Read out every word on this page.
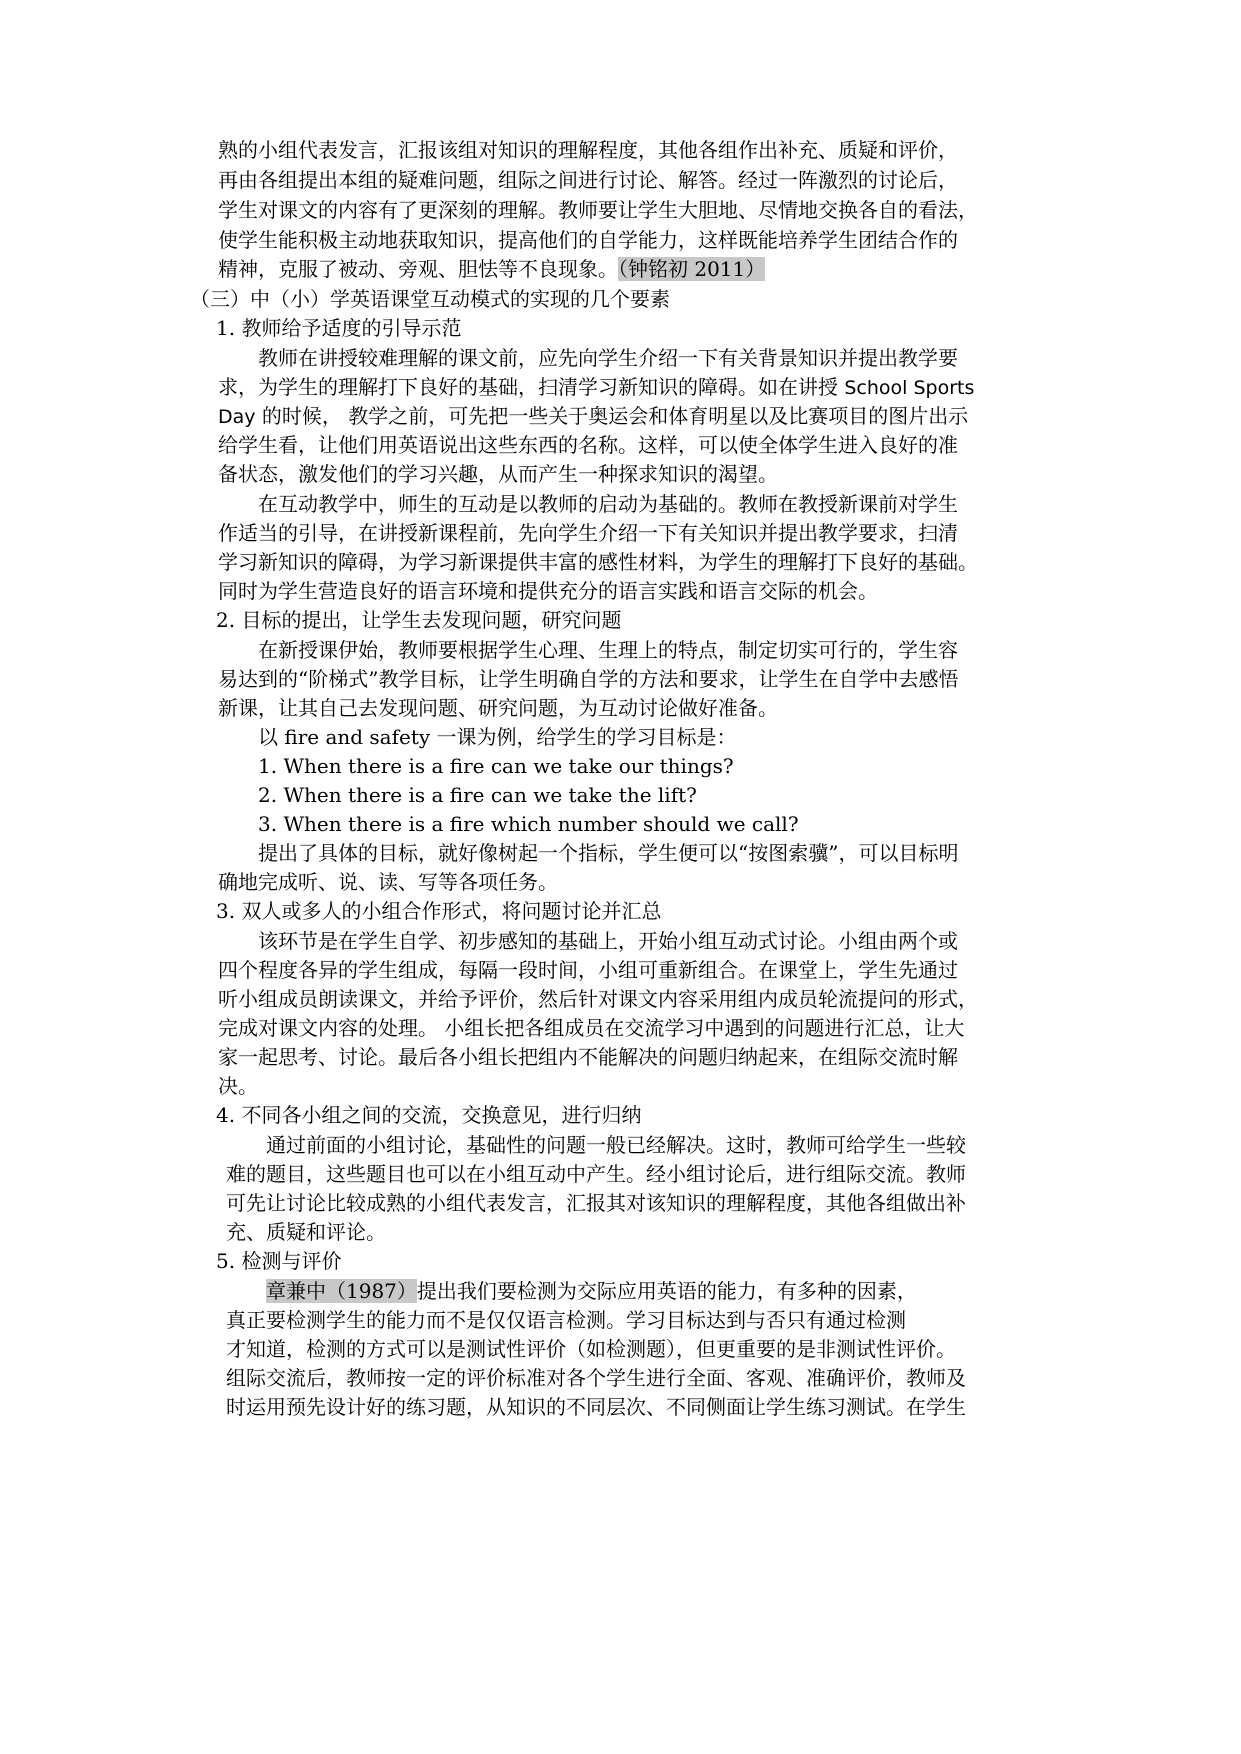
熟的小组代表发言，汇报该组对知识的理解程度，其他各组作出补充、质疑和评价，
再由各组提出本组的疑难问题，组际之间进行讨论、解答。经过一阵激烈的讨论后，
学生对课文的内容有了更深刻的理解。教师要让学生大胆地、尽情地交换各自的看法，
使学生能积极主动地获取知识，提高他们的自学能力，这样既能培养学生团结合作的
精神，克服了被动、旁观、胆怯等不良现象。（钟铭初 2011）
（三）中（小）学英语课堂互动模式的实现的几个要素
1. 教师给予适度的引导示范
教师在讲授较难理解的课文前，应先向学生介绍一下有关背景知识并提出教学要
求，为学生的理解打下良好的基础，扫清学习新知识的障碍。如在讲授 School Sports
Day 的时候， 教学之前，可先把一些关于奥运会和体育明星以及比赛项目的图片出示
给学生看，让他们用英语说出这些东西的名称。这样，可以使全体学生进入良好的准
备状态，激发他们的学习兴趣，从而产生一种探求知识的渴望。
在互动教学中，师生的互动是以教师的启动为基础的。教师在教授新课前对学生
作适当的引导，在讲授新课程前，先向学生介绍一下有关知识并提出教学要求，扫清
学习新知识的障碍，为学习新课提供丰富的感性材料，为学生的理解打下良好的基础。
同时为学生营造良好的语言环境和提供充分的语言实践和语言交际的机会。
2. 目标的提出，让学生去发现问题，研究问题
在新授课伊始，教师要根据学生心理、生理上的特点，制定切实可行的，学生容
易达到的“阶梯式”教学目标，让学生明确自学的方法和要求，让学生在自学中去感悟
新课，让其自己去发现问题、研究问题，为互动讨论做好准备。
以 fire and safety 一课为例，给学生的学习目标是：
1. When there is a fire can we take our things?
2. When there is a fire can we take the lift?
3. When there is a fire which number should we call?
提出了具体的目标，就好像树起一个指标，学生便可以“按图索骥”，可以目标明
确地完成听、说、读、写等各项任务。
3. 双人或多人的小组合作形式，将问题讨论并汇总
该环节是在学生自学、初步感知的基础上，开始小组互动式讨论。小组由两个或
四个程度各异的学生组成，每隔一段时间，小组可重新组合。在课堂上，学生先通过
听小组成员朗读课文，并给予评价，然后针对课文内容采用组内成员轮流提问的形式，
完成对课文内容的处理。 小组长把各组成员在交流学习中遇到的问题进行汇总，让大
家一起思考、讨论。最后各小组长把组内不能解决的问题归纳起来，在组际交流时解
决。
4. 不同各小组之间的交流，交换意见，进行归纳
通过前面的小组讨论，基础性的问题一般已经解决。这时，教师可给学生一些较
难的题目，这些题目也可以在小组互动中产生。经小组讨论后，进行组际交流。教师
可先让讨论比较成熟的小组代表发言，汇报其对该知识的理解程度，其他各组做出补
充、质疑和评论。
5. 检测与评价
章兼中（1987）提出我们要检测为交际应用英语的能力，有多种的因素，
真正要检测学生的能力而不是仅仅语言检测。学习目标达到与否只有通过检测
才知道，检测的方式可以是测试性评价（如检测题），但更重要的是非测试性评价。
组际交流后，教师按一定的评价标准对各个学生进行全面、客观、准确评价，教师及
时运用预先设计好的练习题，从知识的不同层次、不同侧面让学生练习测试。在学生
